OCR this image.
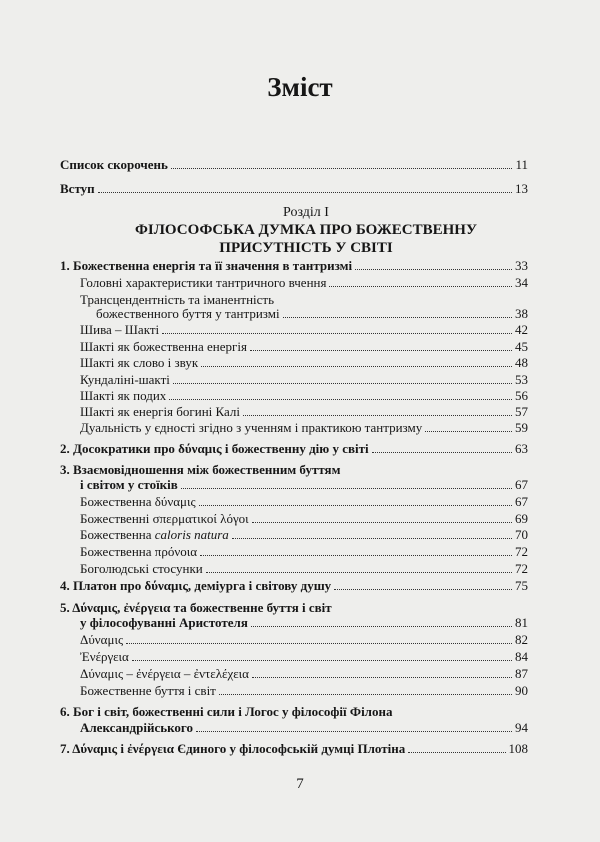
Зміст
Список скорочень	11
Вступ	13
Розділ I
ФІЛОСОФСЬКА ДУМКА ПРО БОЖЕСТВЕННУ
ПРИСУТНІСТЬ У СВІТІ
1. Божественна енергія та її значення в тантризмі	33
Головні характеристики тантричного вчення	34
Трансцендентність та іманентність
божественного буття у тантризмі	38
Шива – Шакті	42
Шакті як божественна енергія	45
Шакті як слово і звук	48
Кундаліні-шакті	53
Шакті як подих	56
Шакті як енергія богині Калі	57
Дуальність у єдності згідно з ученням і практикою тантризму	59
2. Досократики про δύναμις і божественну дію у світі	63
3. Взаємовідношення між божественним буттям
і світом у стоїків	67
Божественна δύναμις	67
Божественні σπερματικοί λόγοι	69
Божественна caloris natura	70
Божественна πρόνοια	72
Боголюдські стосунки	72
4. Платон про δύναμις, деміурга і світову душу	75
5. Δύναμις, ἐνέργεια та божественне буття і світ
у філософуванні Аристотеля	81
Δύναμις	82
Ἐνέργεια	84
Δύναμις – ἐνέργεια – ἐντελέχεια	87
Божественне буття і світ	90
6. Бог і світ, божественні сили і Логос у філософії Філона
Александрійського	94
7. Δύναμις і ἐνέργεια Єдиного у філософській думці Плотіна	108
7
